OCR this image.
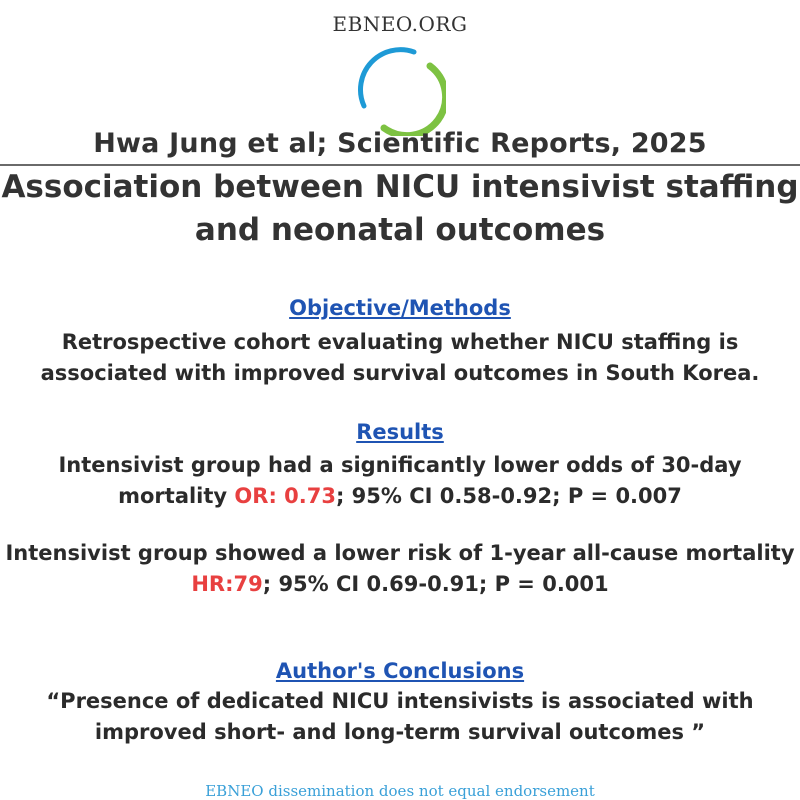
EBNEO.ORG
Hwa Jung et al; Scientific Reports, 2025
Association between NICU intensivist staffing
and neonatal outcomes
Objective/Methods
Retrospective cohort evaluating whether NICU staffing is
associated with improved survival outcomes in South Korea.
Results
Intensivist group had a significantly lower odds of 30-day
mortality OR: 0.73; 95% CI 0.58-0.92; P = 0.007
Intensivist group showed a lower risk of 1-year all-cause mortality
HR:79; 95% CI 0.69-0.91; P = 0.001
Author's Conclusions
“Presence of dedicated NICU intensivists is associated with
improved short- and long-term survival outcomes ”
EBNEO dissemination does not equal endorsement
